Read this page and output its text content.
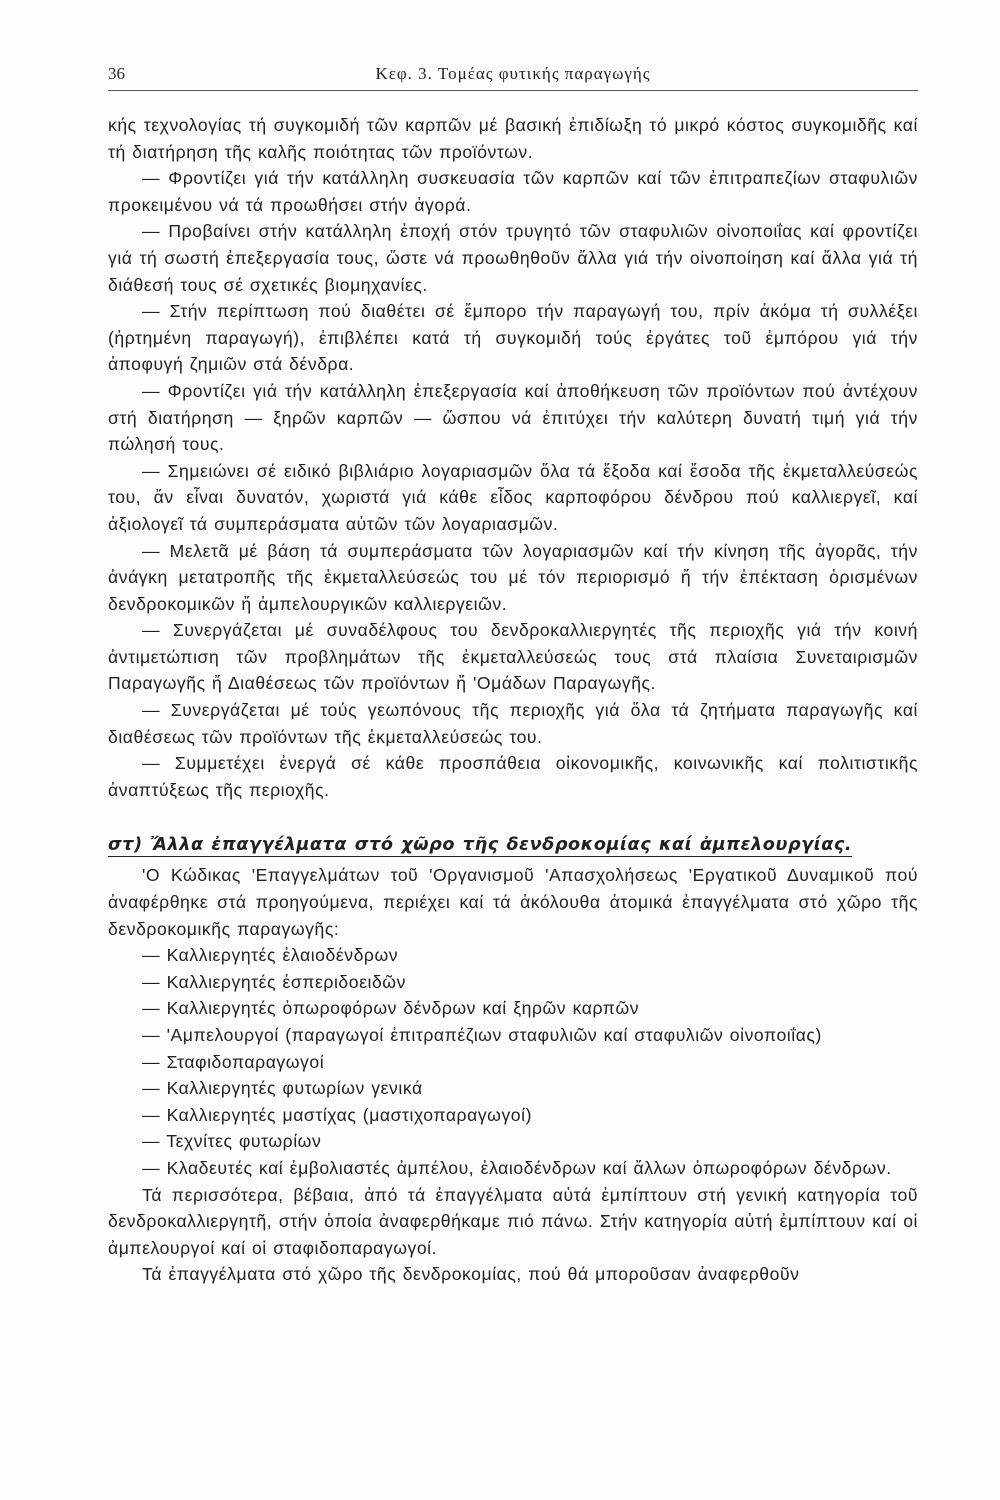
36	Κεφ. 3. Τομέας φυτικής παραγωγής

κής τεχνολογίας τή συγκομιδή τῶν καρπῶν μέ βασική ἐπιδίωξη τό μικρό κόστος συγκομιδῆς καί τή διατήρηση τῆς καλῆς ποιότητας τῶν προϊόντων.

— Φροντίζει γιά τήν κατάλληλη συσκευασία τῶν καρπῶν καί τῶν ἐπιτραπεζίων σταφυλιῶν προκειμένου νά τά προωθήσει στήν ἀγορά.

— Προβαίνει στήν κατάλληλη ἐποχή στόν τρυγητό τῶν σταφυλιῶν οἰνοποιΐας καί φροντίζει γιά τή σωστή ἐπεξεργασία τους, ὥστε νά προωθηθοῦν ἄλλα γιά τήν οἰνοποίηση καί ἄλλα γιά τή διάθεσή τους σέ σχετικές βιομηχανίες.

— Στήν περίπτωση πού διαθέτει σέ ἔμπορο τήν παραγωγή του, πρίν ἀκόμα τή συλλέξει (ἠρτημένη παραγωγή), ἐπιβλέπει κατά τή συγκομιδή τούς ἐργάτες τοῦ ἐμπόρου γιά τήν ἀποφυγή ζημιῶν στά δένδρα.

— Φροντίζει γιά τήν κατάλληλη ἐπεξεργασία καί ἀποθήκευση τῶν προϊόντων πού ἀντέχουν στή διατήρηση — ξηρῶν καρπῶν — ὥσπου νά ἐπιτύχει τήν καλύτερη δυνατή τιμή γιά τήν πώλησή τους.

— Σημειώνει σέ ειδικό βιβλιάριο λογαριασμῶν ὅλα τά ἔξοδα καί ἔσοδα τῆς ἐκμεταλλεύσεώς του, ἄν εἶναι δυνατόν, χωριστά γιά κάθε εἶδος καρποφόρου δένδρου πού καλλιεργεῖ, καί ἀξιολογεῖ τά συμπεράσματα αὐτῶν τῶν λογαριασμῶν.

— Μελετᾶ μέ βάση τά συμπεράσματα τῶν λογαριασμῶν καί τήν κίνηση τῆς ἀγορᾶς, τήν ἀνάγκη μετατροπῆς τῆς ἐκμεταλλεύσεώς του μέ τόν περιορισμό ἤ τήν ἐπέκταση ὁρισμένων δενδροκομικῶν ἤ ἀμπελουργικῶν καλλιεργειῶν.

— Συνεργάζεται μέ συναδέλφους του δενδροκαλλιεργητές τῆς περιοχῆς γιά τήν κοινή ἀντιμετώπιση τῶν προβλημάτων τῆς ἐκμεταλλεύσεώς τους στά πλαίσια Συνεταιρισμῶν Παραγωγῆς ἤ Διαθέσεως τῶν προϊόντων ἤ 'Ομάδων Παραγωγῆς.

— Συνεργάζεται μέ τούς γεωπόνους τῆς περιοχῆς γιά ὅλα τά ζητήματα παραγωγῆς καί διαθέσεως τῶν προϊόντων τῆς ἐκμεταλλεύσεώς του.

— Συμμετέχει ἐνεργά σέ κάθε προσπάθεια οἰκονομικῆς, κοινωνικῆς καί πολιτιστικῆς ἀναπτύξεως τῆς περιοχῆς.

στ) Ἄλλα ἐπαγγέλματα στό χῶρο τῆς δενδροκομίας καί ἀμπελουργίας.

'Ο Κώδικας 'Επαγγελμάτων τοῦ 'Οργανισμοῦ 'Απασχολήσεως 'Εργατικοῦ Δυναμικοῦ πού ἀναφέρθηκε στά προηγούμενα, περιέχει καί τά ἀκόλουθα ἀτομικά ἐπαγγέλματα στό χῶρο τῆς δενδροκομικῆς παραγωγῆς:

— Καλλιεργητές ἐλαιοδένδρων

— Καλλιεργητές ἐσπεριδοειδῶν

— Καλλιεργητές ὀπωροφόρων δένδρων καί ξηρῶν καρπῶν

— 'Αμπελουργοί (παραγωγοί ἐπιτραπέζιων σταφυλιῶν καί σταφυλιῶν οἰνοποιΐας)

— Σταφιδοπαραγωγοί

— Καλλιεργητές φυτωρίων γενικά

— Καλλιεργητές μαστίχας (μαστιχοπαραγωγοί)

— Τεχνίτες φυτωρίων

— Κλαδευτές καί ἐμβολιαστές ἀμπέλου, ἐλαιοδένδρων καί ἄλλων ὀπωροφόρων δένδρων.

Τά περισσότερα, βέβαια, ἀπό τά ἐπαγγέλματα αὐτά ἐμπίπτουν στή γενική κατηγορία τοῦ δενδροκαλλιεργητῆ, στήν ὁποία ἀναφερθήκαμε πιό πάνω. Στήν κατηγορία αὐτή ἐμπίπτουν καί οἱ ἀμπελουργοί καί οἱ σταφιδοπαραγωγοί.

Τά ἐπαγγέλματα στό χῶρο τῆς δενδροκομίας, πού θά μποροῦσαν ἀναφερθοῦν
